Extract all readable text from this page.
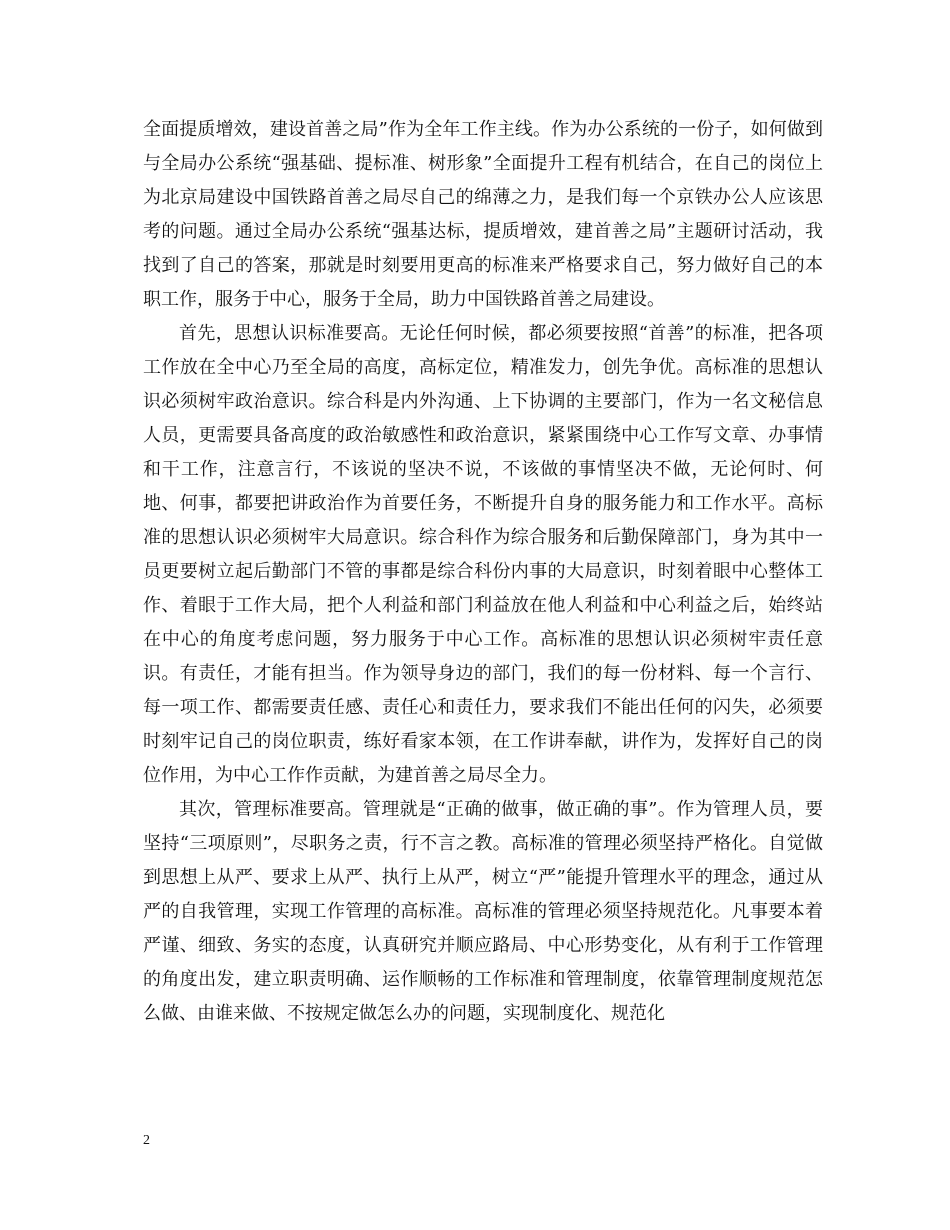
全面提质增效，建设首善之局”作为全年工作主线。作为办公系统的一份子，如何做到与全局办公系统“强基础、提标准、树形象”全面提升工程有机结合，在自己的岗位上为北京局建设中国铁路首善之局尽自己的绵薄之力，是我们每一个京铁办公人应该思考的问题。通过全局办公系统“强基达标，提质增效，建首善之局”主题研讨活动，我找到了自己的答案，那就是时刻要用更高的标准来严格要求自己，努力做好自己的本职工作，服务于中心，服务于全局，助力中国铁路首善之局建设。

首先，思想认识标准要高。无论任何时候，都必须要按照“首善”的标准，把各项工作放在全中心乃至全局的高度，高标定位，精准发力，创先争优。高标准的思想认识必须树牢政治意识。综合科是内外沟通、上下协调的主要部门，作为一名文秘信息人员，更需要具备高度的政治敏感性和政治意识，紧紧围绕中心工作写文章、办事情和干工作，注意言行，不该说的坚决不说，不该做的事情坚决不做，无论何时、何地、何事，都要把讲政治作为首要任务，不断提升自身的服务能力和工作水平。高标准的思想认识必须树牢大局意识。综合科作为综合服务和后勤保障部门，身为其中一员更要树立起后勤部门不管的事都是综合科份内事的大局意识，时刻着眼中心整体工作、着眼于工作大局，把个人利益和部门利益放在他人利益和中心利益之后，始终站在中心的角度考虑问题，努力服务于中心工作。高标准的思想认识必须树牢责任意识。有责任，才能有担当。作为领导身边的部门，我们的每一份材料、每一个言行、每一项工作、都需要责任感、责任心和责任力，要求我们不能出任何的闪失，必须要时刻牢记自己的岗位职责，练好看家本领，在工作讲奉献，讲作为，发挥好自己的岗位作用，为中心工作作贡献，为建首善之局尽全力。

其次，管理标准要高。管理就是“正确的做事，做正确的事”。作为管理人员，要坚持“三项原则”，尽职务之责，行不言之教。高标准的管理必须坚持严格化。自觉做到思想上从严、要求上从严、执行上从严，树立“严”能提升管理水平的理念，通过从严的自我管理，实现工作管理的高标准。高标准的管理必须坚持规范化。凡事要本着严谨、细致、务实的态度，认真研究并顺应路局、中心形势变化，从有利于工作管理的角度出发，建立职责明确、运作顺畅的工作标准和管理制度，依靠管理制度规范怎么做、由谁来做、不按规定做怎么办的问题，实现制度化、规范化

2
